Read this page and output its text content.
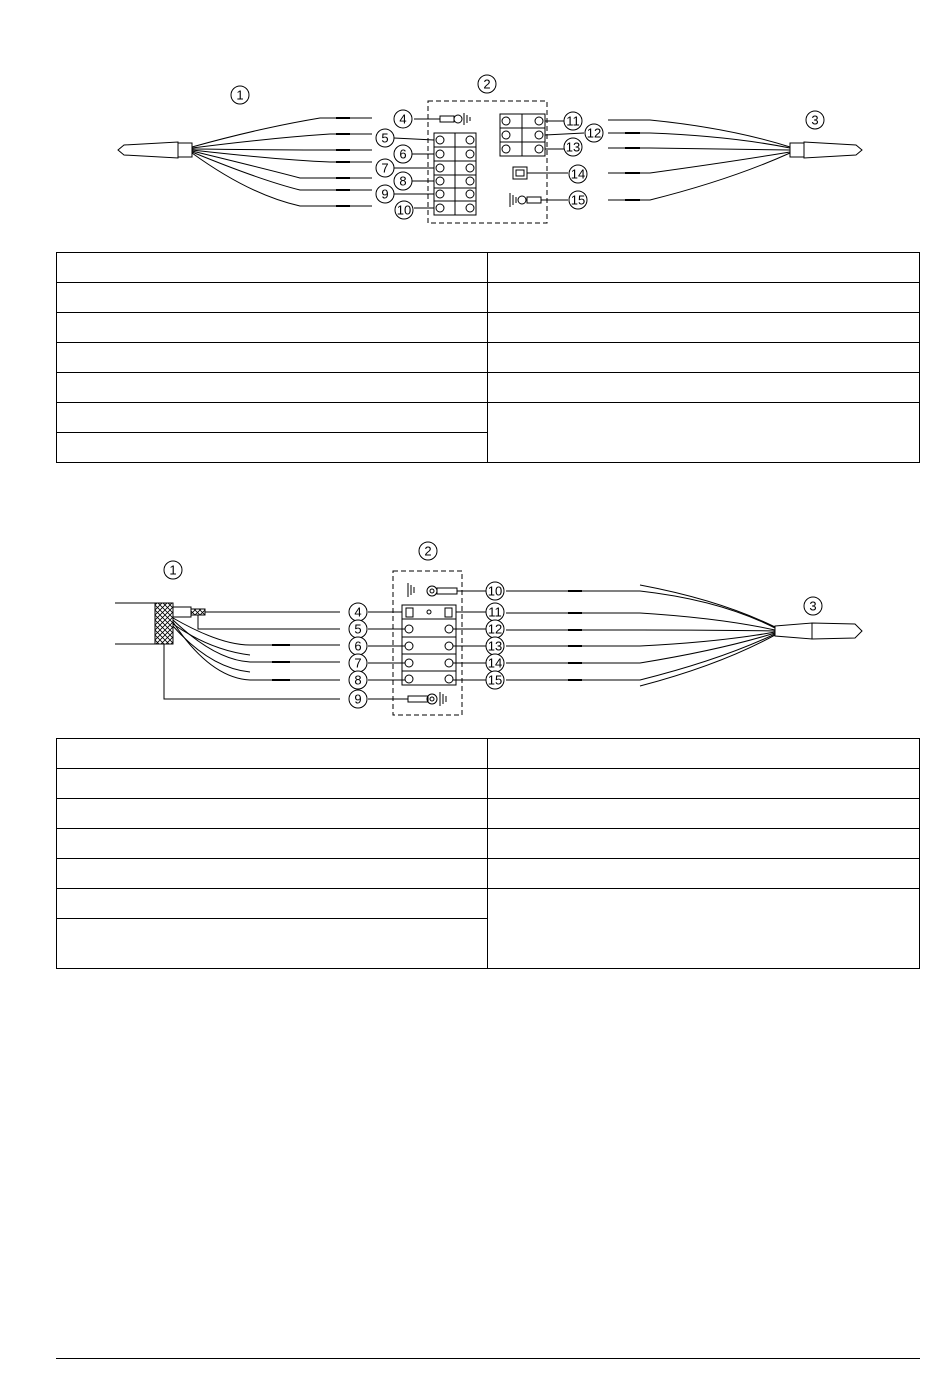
1
2
3
4
5
6
7
8
9
10
11
12
13
14
15

1
2
3
4
5
6
7
8
9
10
11
12
13
14
15
